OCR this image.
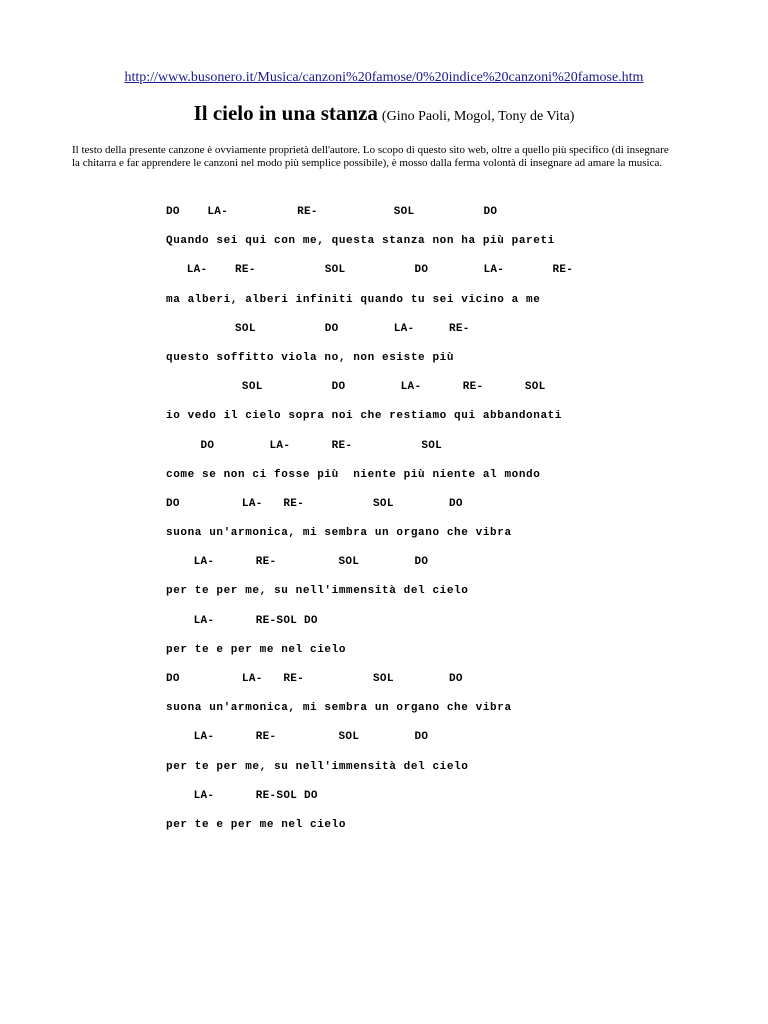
http://www.busonero.it/Musica/canzoni%20famose/0%20indice%20canzoni%20famose.htm
Il cielo in una stanza (Gino Paoli, Mogol, Tony de Vita)
Il testo della presente canzone è ovviamente proprietà dell'autore. Lo scopo di questo sito web, oltre a quello più specifico (di insegnare la chitarra e far apprendere le canzoni nel modo più semplice possibile), è mosso dalla ferma volontà di insegnare ad amare la musica.
DO    LA-          RE-           SOL          DO
Quando sei qui con me, questa stanza non ha più pareti
LA-    RE-          SOL          DO        LA-       RE-
ma alberi, alberi infiniti quando tu sei vicino a me
SOL          DO        LA-     RE-
questo soffitto viola no, non esiste più
SOL          DO        LA-      RE-      SOL
io vedo il cielo sopra noi che restiamo qui abbandonati
DO        LA-      RE-          SOL
come se non ci fosse più  niente più niente al mondo
DO         LA-   RE-          SOL        DO
suona un'armonica, mi sembra un organo che vibra
LA-      RE-         SOL        DO
per te per me, su nell'immensità del cielo
LA-      RE-SOL DO
per te e per me nel cielo
DO         LA-   RE-          SOL        DO
suona un'armonica, mi sembra un organo che vibra
LA-      RE-         SOL        DO
per te per me, su nell'immensità del cielo
LA-      RE-SOL DO
per te e per me nel cielo
